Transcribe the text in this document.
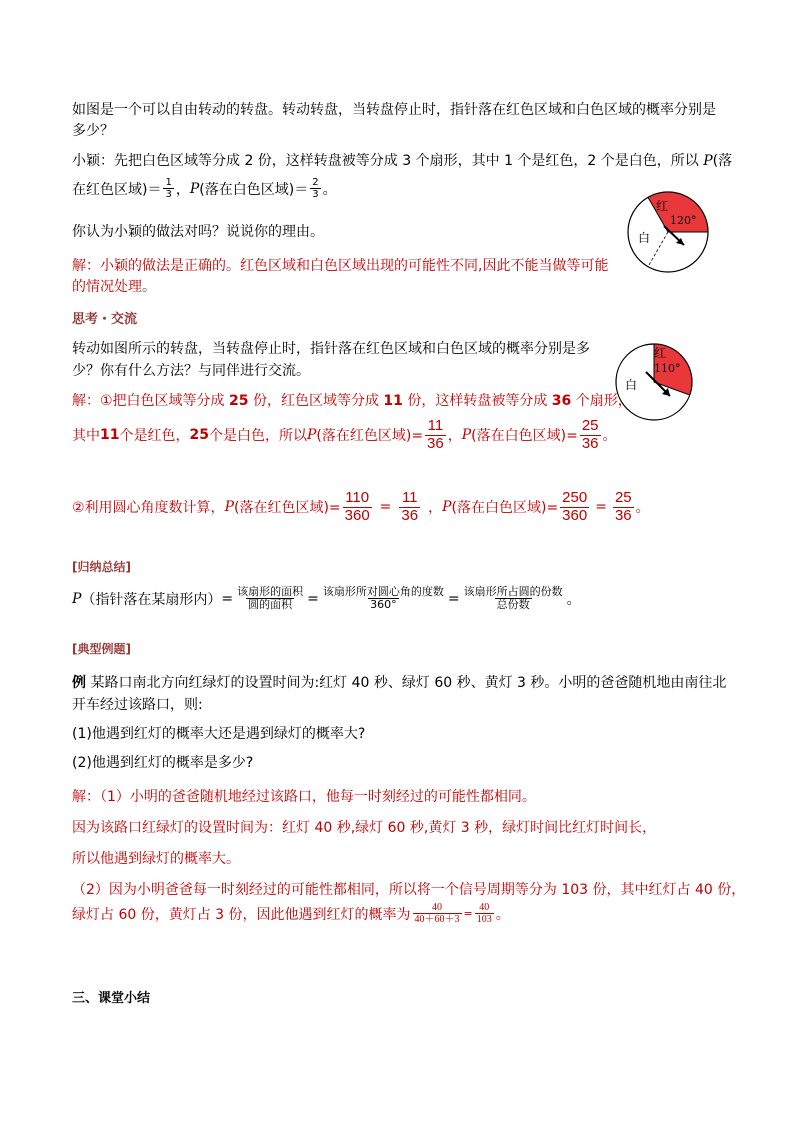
如图是一个可以自由转动的转盘。转动转盘，当转盘停止时，指针落在红色区域和白色区域的概率分别是
多少？
小颖：先把白色区域等分成 2 份，这样转盘被等分成 3 个扇形，其中 1 个是红色，2 个是白色，所以 P(落
在红色区域)＝ $\frac{1}{3}$ ， P (落在白色区域)＝ $\frac{2}{3}$ 。
你认为小颖的做法对吗？说说你的理由。
解：小颖的做法是正确的。红色区域和白色区域出现的可能性不同,因此不能当做等可能
的情况处理。
红
120°
白
思考・交流
转动如图所示的转盘，当转盘停止时，指针落在红色区域和白色区域的概率分别是多
少？你有什么方法？与同伴进行交流。
红
110°
白
解：①把白色区域等分成 25 份，红色区域等分成 11 份，这样转盘被等分成 36 个扇形，
其中 11 个是红色， 25 个是白色，所以 P (落在红色区域)= $\frac{11}{36}$ ， P (落在白色区域)= $\frac{25}{36}$ 。
②利用圆心角度数计算， P (落在红色区域)= $\frac{110}{360} = \frac{11}{36}$ ， P (落在白色区域)= $\frac{250}{360} = \frac{25}{36}$ 。
[归纳总结]
P （指针落在某扇形内） = $\frac{\text{该扇形的面积}}{\text{圆的面积}} = \frac{\text{该扇形所对圆心角的度数}}{360^\circ} = \frac{\text{该扇形所占圆的份数}}{\text{总份数}}$ 。
[典型例题]
例 某路口南北方向红绿灯的设置时间为:红灯 40 秒、绿灯 60 秒、黄灯 3 秒。小明的爸爸随机地由南往北
开车经过该路口，则:
(1)他遇到红灯的概率大还是遇到绿灯的概率大?
(2)他遇到红灯的概率是多少?
解：（1）小明的爸爸随机地经过该路口，他每一时刻经过的可能性都相同。
因为该路口红绿灯的设置时间为：红灯 40 秒,绿灯 60 秒,黄灯 3 秒，绿灯时间比红灯时间长，
所以他遇到绿灯的概率大。
（2）因为小明爸爸每一时刻经过的可能性都相同，所以将一个信号周期等分为 103 份，其中红灯占 40 份，
绿灯占 60 份，黄灯占 3 份，因此他遇到红灯的概率为 $\frac{40}{40+60+3} = \frac{40}{103}$ 。
三、课堂小结
